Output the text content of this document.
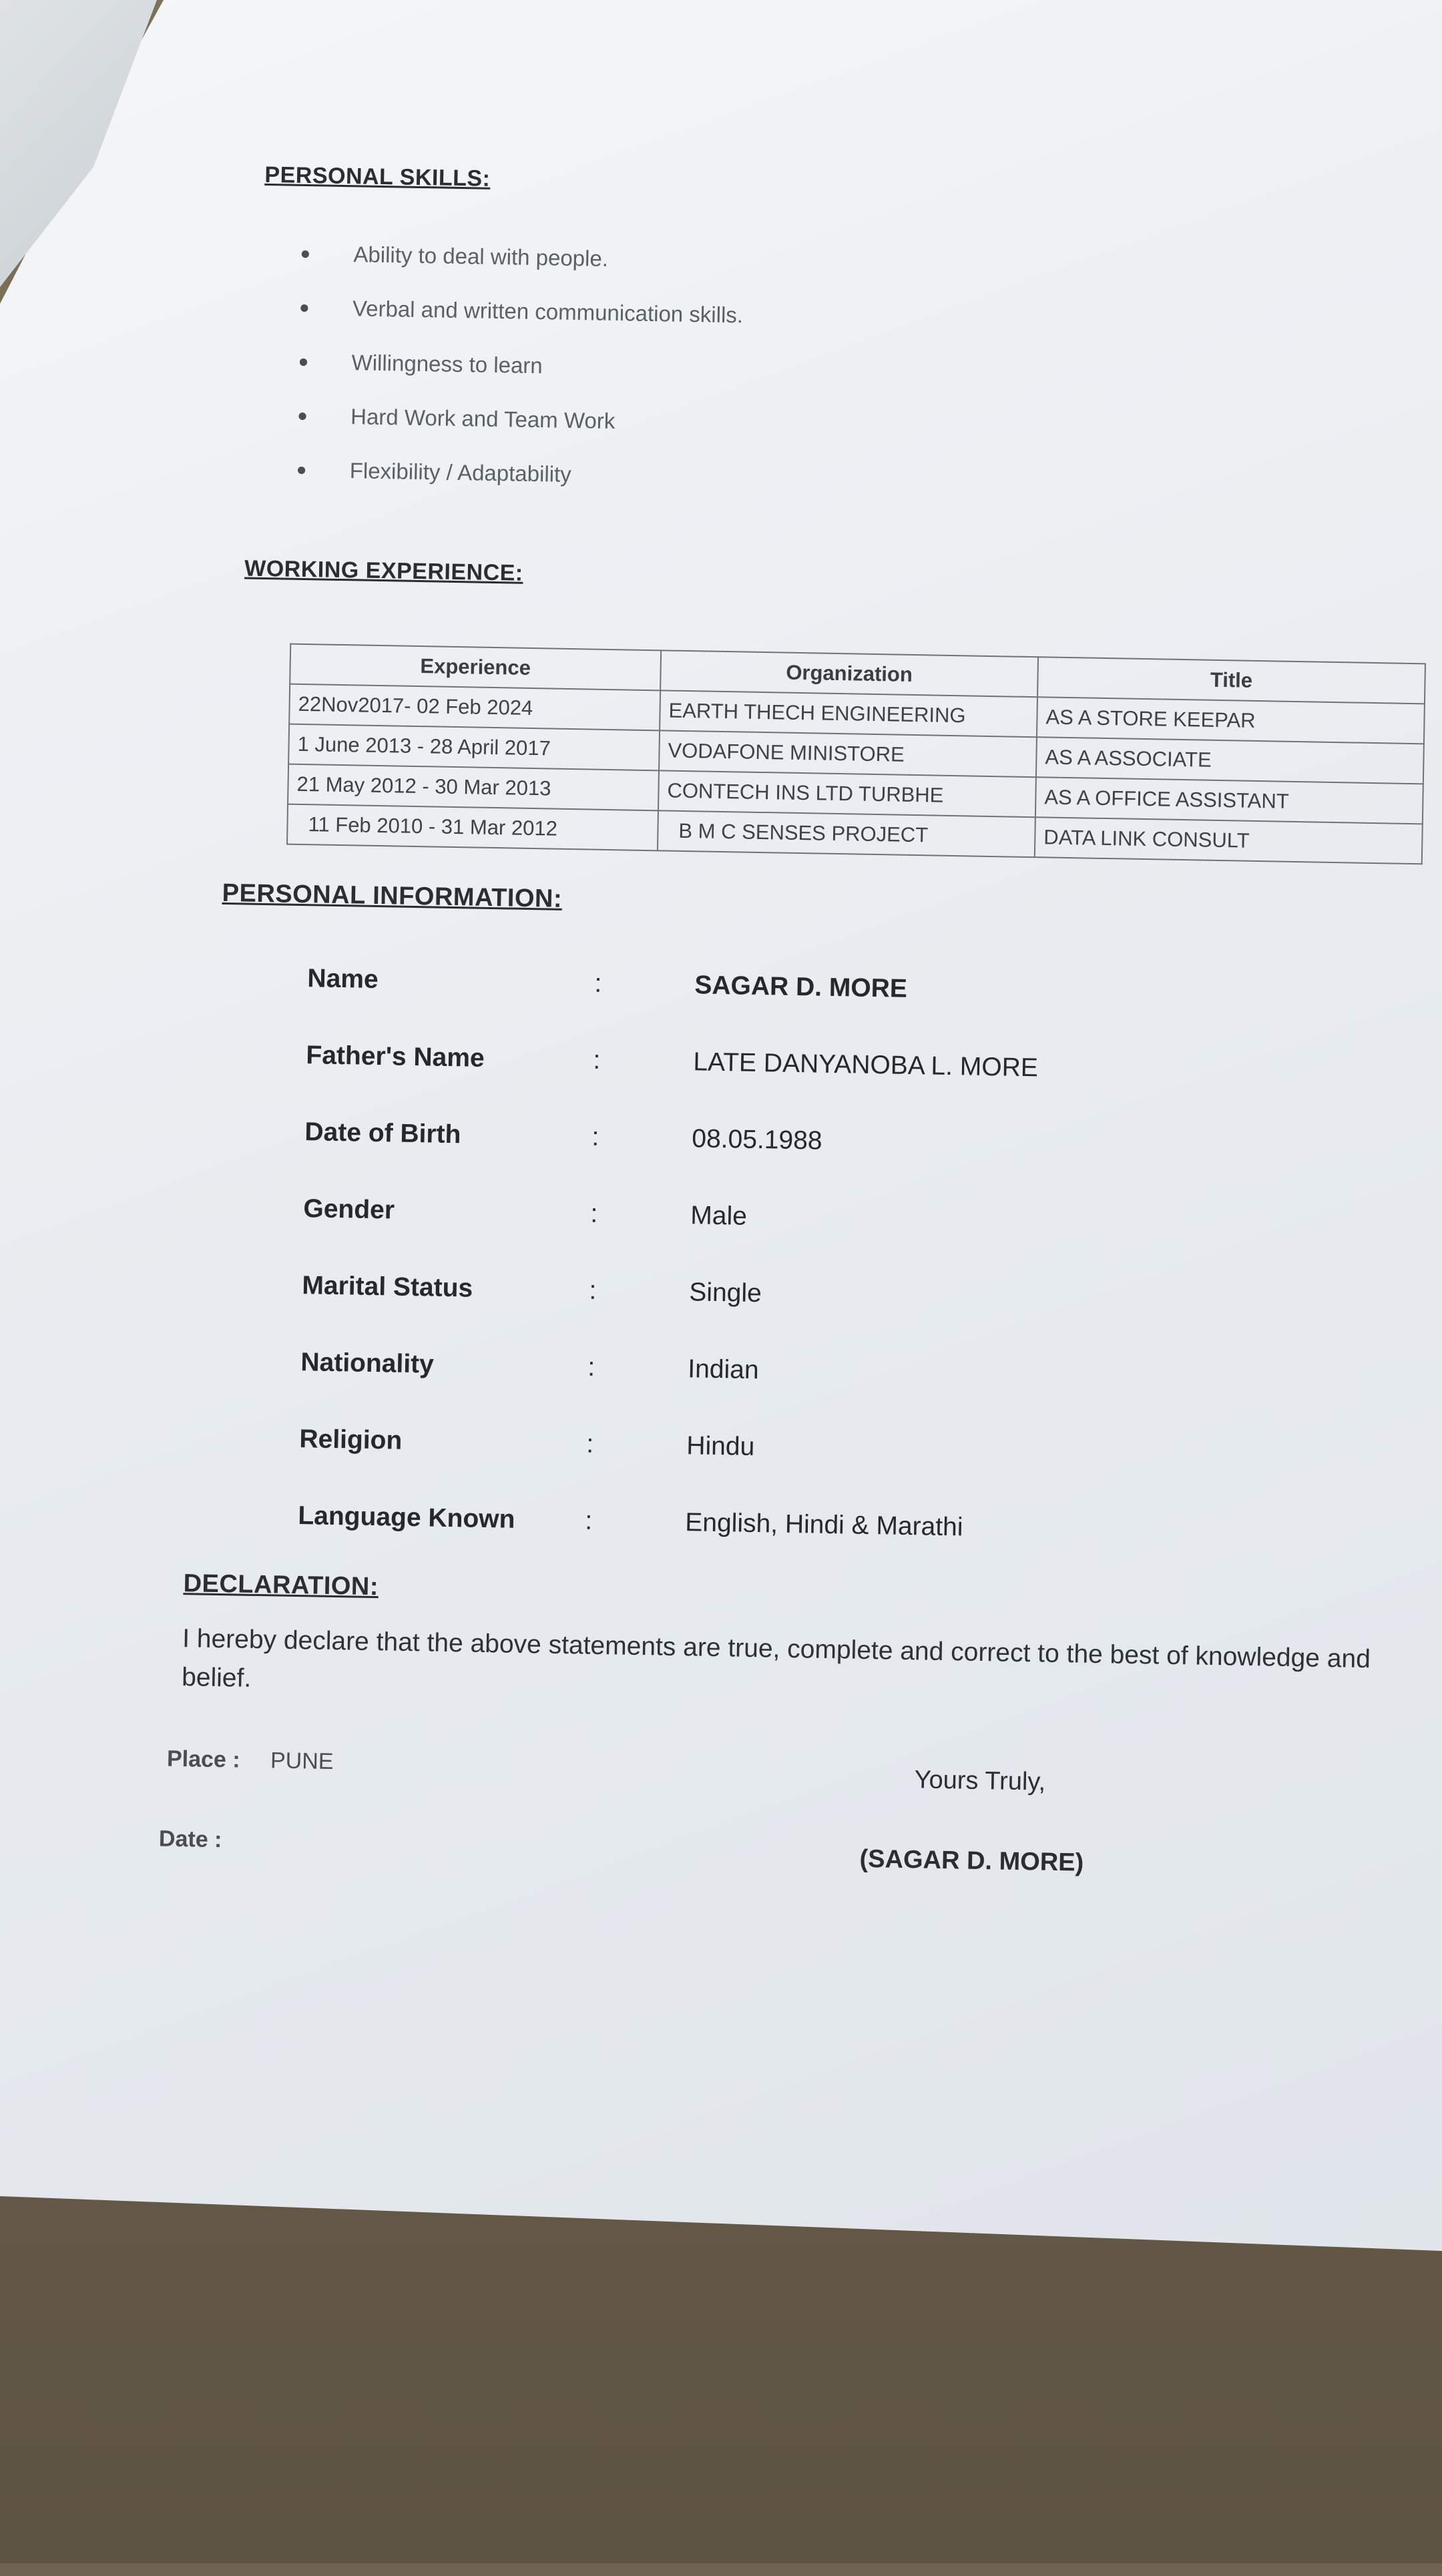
PERSONAL SKILLS:
●	Ability to deal with people.
●	Verbal and written communication skills.
●	Willingness to learn
●	Hard Work and Team Work
●	Flexibility / Adaptability
WORKING EXPERIENCE:
Experience	Organization	Title
22Nov2017- 02 Feb 2024	EARTH THECH ENGINEERING	AS A STORE KEEPAR
1 June 2013 - 28 April 2017	VODAFONE MINISTORE	AS A ASSOCIATE
21 May 2012 - 30 Mar 2013	CONTECH INS LTD TURBHE	AS A OFFICE ASSISTANT
11 Feb 2010 - 31 Mar 2012	B M C SENSES PROJECT	DATA LINK CONSULT
PERSONAL INFORMATION:
Name	:	SAGAR D. MORE
Father's Name	:	LATE DANYANOBA L. MORE
Date of Birth	:	08.05.1988
Gender	:	Male
Marital Status	:	Single
Nationality	:	Indian
Religion	:	Hindu
Language Known	:	English, Hindi & Marathi
DECLARATION:
I hereby declare that the above statements are true, complete and correct to the best of knowledge and belief.
Place : PUNE
Date :
Yours Truly,
(SAGAR D. MORE)
